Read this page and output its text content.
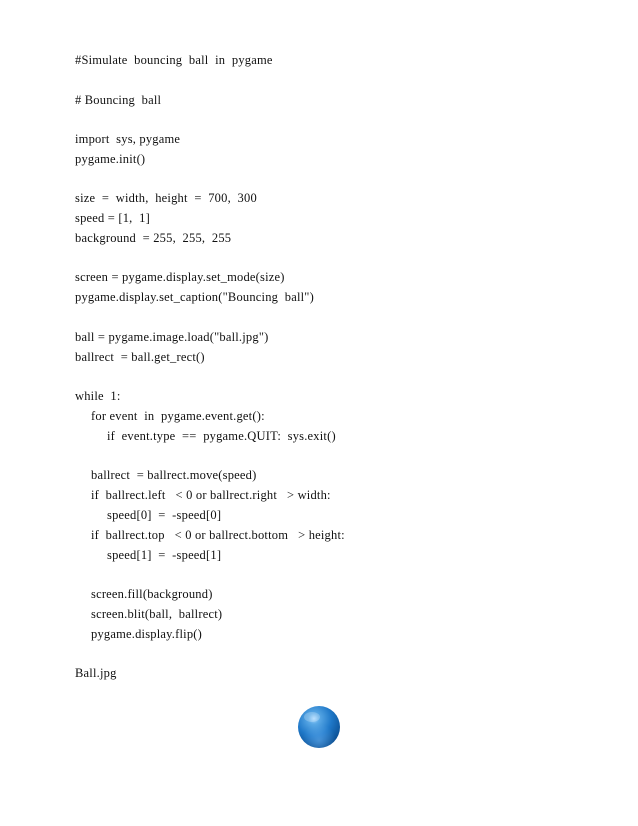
#Simulate  bouncing  ball  in  pygame
# Bouncing  ball
import  sys, pygame
pygame.init()
size  =  width,  height  =  700,  300
speed = [1,  1]
background  = 255,  255,  255
screen = pygame.display.set_mode(size)
pygame.display.set_caption("Bouncing  ball")
ball = pygame.image.load("ball.jpg")
ballrect  = ball.get_rect()
while  1:
for event  in  pygame.event.get():
if  event.type  ==  pygame.QUIT:  sys.exit()
ballrect  = ballrect.move(speed)
if  ballrect.left   < 0 or ballrect.right   > width:
speed[0]  =  -speed[0]
if  ballrect.top   < 0 or ballrect.bottom   > height:
speed[1]  =  -speed[1]
screen.fill(background)
screen.blit(ball,  ballrect)
pygame.display.flip()
Ball.jpg
